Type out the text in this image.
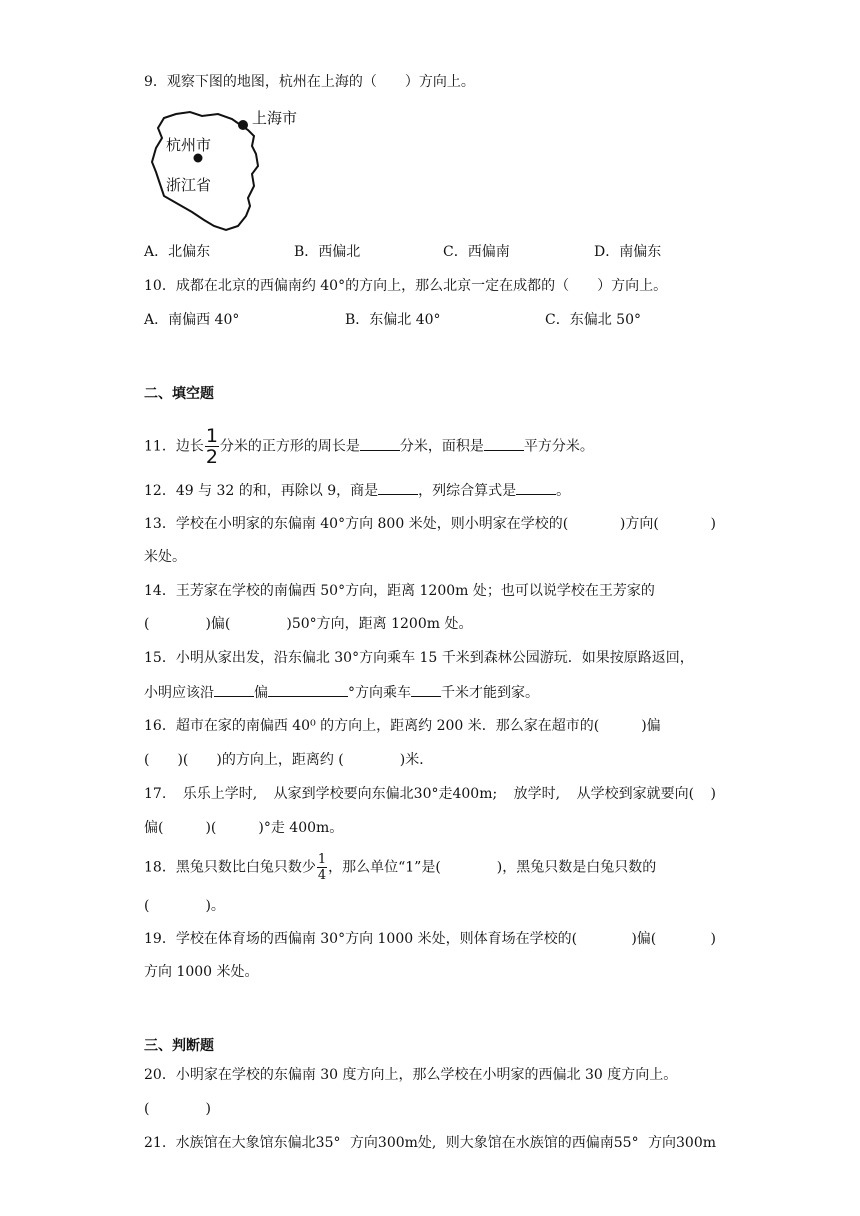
9．观察下图的地图，杭州在上海的（　　）方向上。
上海市
杭州市
浙江省
A．北偏东	B．西偏北	C．西偏南	D．南偏东
10．成都在北京的西偏南约 40°的方向上，那么北京一定在成都的（　　）方向上。
A．南偏西 40°	B．东偏北 40°	C．东偏北 50°
二、填空题
11．边长 $\frac{1}{2}$ 分米的正方形的周长是	分米，面积是	平方分米。
12．49 与 32 的和，再除以 9，商是	，列综合算式是	。
13．学校在小明家的东偏南 40°方向 800 米处，则小明家在学校的(	)方向(	)
米处。
14．王芳家在学校的南偏西 50°方向，距离 1200m 处；也可以说学校在王芳家的
(　　　　)偏(　　　　)50°方向，距离 1200m 处。
15．小明从家出发，沿东偏北 30°方向乘车 15 千米到森林公园游玩．如果按原路返回，
小明应该沿	偏	°方向乘车 千米才能到家。
16．超市在家的南偏西 40⁰ 的方向上，距离约 200 米．那么家在超市的(　　　)偏
(　　)(　　)的方向上，距离约 (　　　　)米．
17. 乐乐上学时, 从家到学校要向东偏北30°走400m; 放学时, 从学校到家就要向( )
偏(　　　)(　　　)°走 400m。
18．黑兔只数比白兔只数少 $\frac{1}{4}$ ，那么单位“1”是(　　　　)，黑兔只数是白兔只数的
(　　　　)。
19．学校在体育场的西偏南 30°方向 1000 米处，则体育场在学校的(	)偏(	)
方向 1000 米处。
三、判断题
20．小明家在学校的东偏南 30 度方向上，那么学校在小明家的西偏北 30 度方向上。
(　　　　)
21. 水族馆在大象馆东偏北35° 方向300m处, 则大象馆在水族馆的西偏南55° 方向300m
